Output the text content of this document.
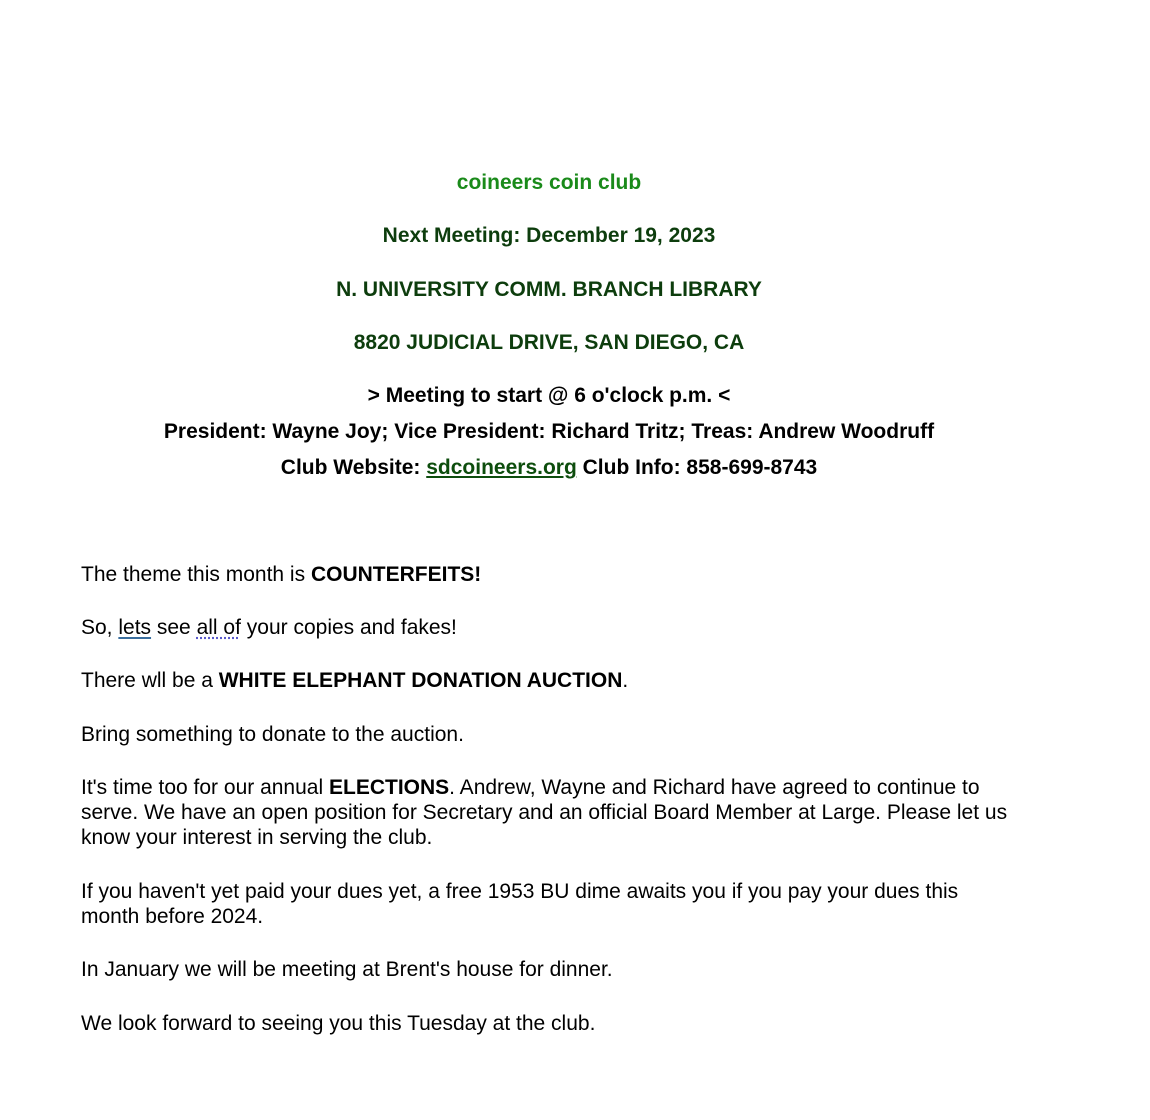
coineers coin club
Next Meeting: December 19, 2023
N. UNIVERSITY COMM. BRANCH LIBRARY
8820 JUDICIAL DRIVE, SAN DIEGO, CA
> Meeting to start @ 6 o'clock p.m. <
President: Wayne Joy; Vice President: Richard Tritz; Treas: Andrew Woodruff
Club Website: sdcoineers.org Club Info: 858-699-8743
The theme this month is COUNTERFEITS!
So, lets see all of your copies and fakes!
There wll be a WHITE ELEPHANT DONATION AUCTION.
Bring something to donate to the auction.
It's time too for our annual ELECTIONS. Andrew, Wayne and Richard have agreed to continue to serve. We have an open position for Secretary and an official Board Member at Large. Please let us know your interest in serving the club.
If you haven't yet paid your dues yet, a free 1953 BU dime awaits you if you pay your dues this month before 2024.
In January we will be meeting at Brent's house for dinner.
We look forward to seeing you this Tuesday at the club.
